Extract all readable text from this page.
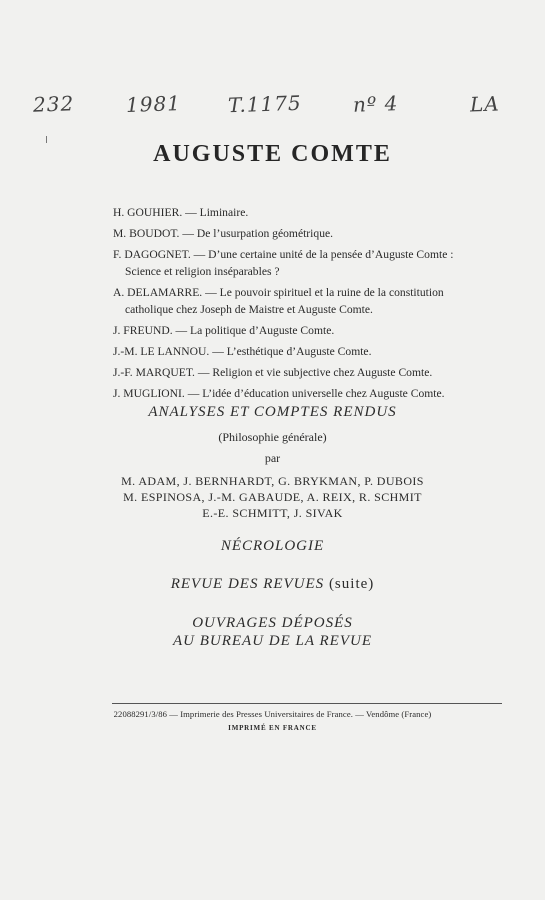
232	1981 T.1175	nº 4	LA
AUGUSTE COMTE
H. GOUHIER. — Liminaire.
M. BOUDOT. — De l’usurpation géométrique.
F. DAGOGNET. — D’une certaine unité de la pensée d’Auguste Comte :
Science et religion inséparables ?
A. DELAMARRE. — Le pouvoir spirituel et la ruine de la constitution
catholique chez Joseph de Maistre et Auguste Comte.
J. FREUND. — La politique d’Auguste Comte.
J.-M. LE LANNOU. — L’esthétique d’Auguste Comte.
J.-F. MARQUET. — Religion et vie subjective chez Auguste Comte.
J. MUGLIONI. — L’idée d’éducation universelle chez Auguste Comte.
ANALYSES ET COMPTES RENDUS
(Philosophie générale)
par
M. ADAM, J. BERNHARDT, G. BRYKMAN, P. DUBOIS
M. ESPINOSA, J.-M. GABAUDE, A. REIX, R. SCHMIT
E.-E. SCHMITT, J. SIVAK
NÉCROLOGIE
REVUE DES REVUES (suite)
OUVRAGES DÉPOSÉS
AU BUREAU DE LA REVUE
22088291/3/86 — Imprimerie des Presses Universitaires de France. — Vendôme (France)
IMPRIMÉ EN FRANCE
